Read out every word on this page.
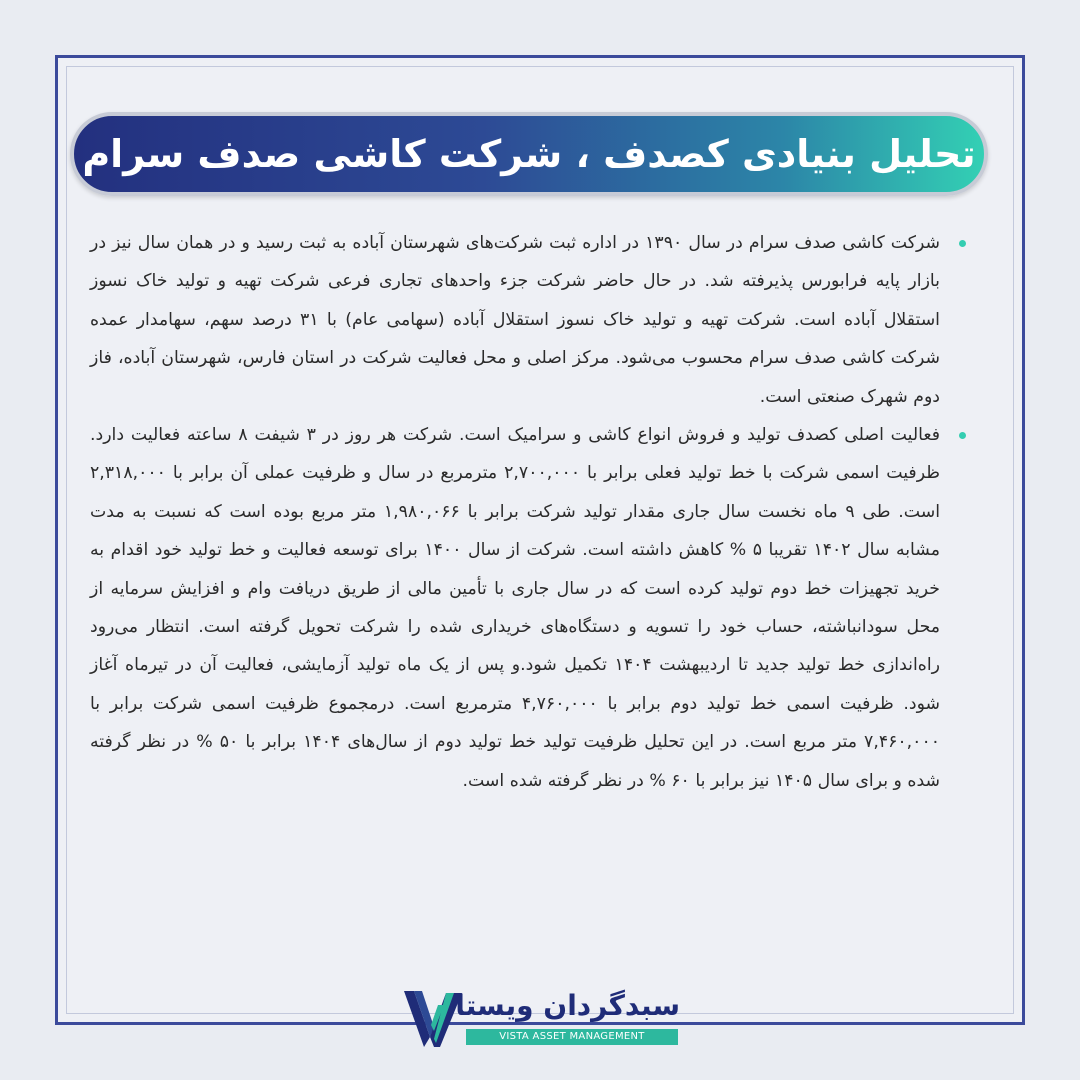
تحلیل بنیادی کصدف ، شرکت کاشی صدف سرام

شرکت کاشی صدف سرام در سال ۱۳۹۰ در اداره ثبت شرکت‌های شهرستان آباده به ثبت رسید و در همان سال نیز در بازار پایه فرابورس پذیرفته شد. در حال حاضر شرکت جزء واحدهای تجاری فرعی شرکت تهیه و تولید خاک نسوز استقلال آباده است. شرکت تهیه و تولید خاک نسوز استقلال آباده (سهامی عام) با ۳۱ درصد سهم، سهامدار عمده شرکت کاشی صدف سرام محسوب می‌شود. مرکز اصلی و محل فعالیت شرکت در استان فارس، شهرستان آباده، فاز دوم شهرک صنعتی است.

فعالیت اصلی کصدف تولید و فروش انواع کاشی و سرامیک است. شرکت هر روز در ۳ شیفت ۸ ساعته فعالیت دارد. ظرفیت اسمی شرکت با خط تولید فعلی برابر با ۲,۷۰۰,۰۰۰ مترمربع در سال و ظرفیت عملی آن برابر با ۲,۳۱۸,۰۰۰ است. طی ۹ ماه نخست سال جاری مقدار تولید شرکت برابر با ۱,۹۸۰,۰۶۶ متر مربع بوده است که نسبت به مدت مشابه سال ۱۴۰۲ تقریبا ۵ % کاهش داشته است. شرکت از سال ۱۴۰۰ برای توسعه فعالیت و خط تولید خود اقدام به خرید تجهیزات خط دوم تولید کرده است که در سال جاری با تأمین مالی از طریق دریافت وام و افزایش سرمایه از محل سودانباشته، حساب خود را تسویه و دستگاه‌های خریداری شده را شرکت تحویل گرفته است. انتظار می‌رود راه‌اندازی خط تولید جدید تا اردیبهشت ۱۴۰۴ تکمیل شود.و پس از یک ماه تولید آزمایشی، فعالیت آن در تیرماه آغاز شود. ظرفیت اسمی خط تولید دوم برابر با ۴,۷۶۰,۰۰۰ مترمربع است. درمجموع ظرفیت اسمی شرکت برابر با ۷,۴۶۰,۰۰۰ متر مربع است. در این تحلیل ظرفیت تولید خط تولید دوم از سال‌های ۱۴۰۴ برابر با ۵۰ % در نظر گرفته شده و برای سال ۱۴۰۵ نیز برابر با ۶۰ % در نظر گرفته شده است.

سبدگردان ویستا
VISTA ASSET MANAGEMENT
